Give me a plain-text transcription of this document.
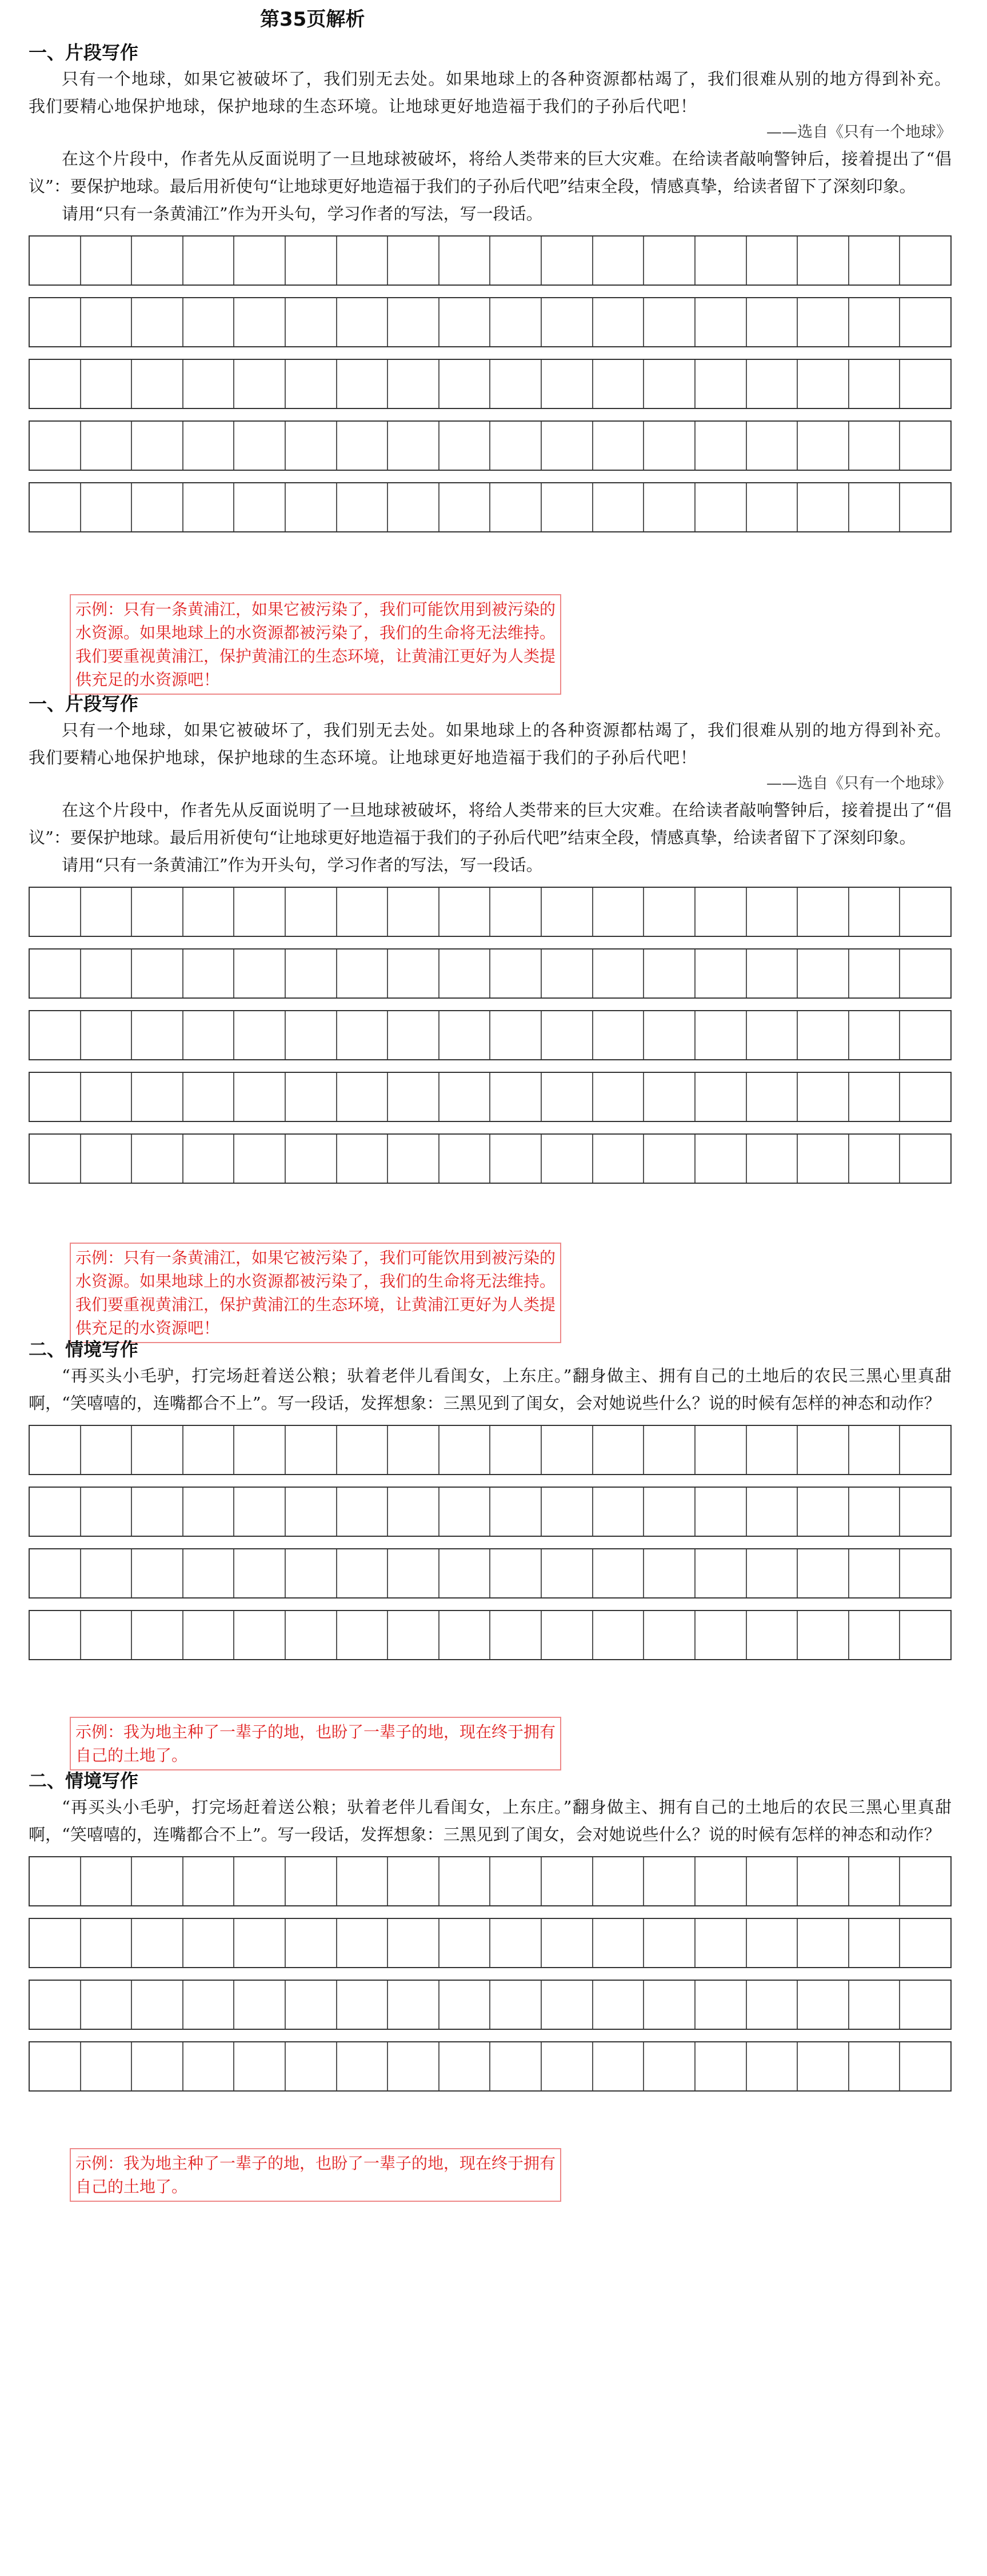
第35页解析
一、片段写作

只有一个地球，如果它被破坏了，我们别无去处。如果地球上的各种资源都枯竭了，我们很难从别的地方得到补充。我们要精心地保护地球，保护地球的生态环境。让地球更好地造福于我们的子孙后代吧！

——选自《只有一个地球》

在这个片段中，作者先从反面说明了一旦地球被破坏，将给人类带来的巨大灾难。在给读者敲响警钟后，接着提出了“倡议”：要保护地球。最后用祈使句“让地球更好地造福于我们的子孙后代吧”结束全段，情感真挚，给读者留下了深刻印象。

请用“只有一条黄浦江”作为开头句，学习作者的写法，写一段话。

示例：只有一条黄浦江，如果它被污染了，我们可能饮用到被污染的水资源。如果地球上的水资源都被污染了，我们的生命将无法维持。我们要重视黄浦江，保护黄浦江的生态环境，让黄浦江更好为人类提供充足的水资源吧！
一、片段写作

只有一个地球，如果它被破坏了，我们别无去处。如果地球上的各种资源都枯竭了，我们很难从别的地方得到补充。我们要精心地保护地球，保护地球的生态环境。让地球更好地造福于我们的子孙后代吧！

——选自《只有一个地球》

在这个片段中，作者先从反面说明了一旦地球被破坏，将给人类带来的巨大灾难。在给读者敲响警钟后，接着提出了“倡议”：要保护地球。最后用祈使句“让地球更好地造福于我们的子孙后代吧”结束全段，情感真挚，给读者留下了深刻印象。

请用“只有一条黄浦江”作为开头句，学习作者的写法，写一段话。

示例：只有一条黄浦江，如果它被污染了，我们可能饮用到被污染的水资源。如果地球上的水资源都被污染了，我们的生命将无法维持。我们要重视黄浦江，保护黄浦江的生态环境，让黄浦江更好为人类提供充足的水资源吧！
二、情境写作

“再买头小毛驴，打完场赶着送公粮；驮着老伴儿看闺女，上东庄。”翻身做主、拥有自己的土地后的农民三黑心里真甜啊，“笑嘻嘻的，连嘴都合不上”。写一段话，发挥想象：三黑见到了闺女，会对她说些什么？说的时候有怎样的神态和动作？

示例：我为地主种了一辈子的地，也盼了一辈子的地，现在终于拥有自己的土地了。
二、情境写作

“再买头小毛驴，打完场赶着送公粮；驮着老伴儿看闺女，上东庄。”翻身做主、拥有自己的土地后的农民三黑心里真甜啊，“笑嘻嘻的，连嘴都合不上”。写一段话，发挥想象：三黑见到了闺女，会对她说些什么？说的时候有怎样的神态和动作？

示例：我为地主种了一辈子的地，也盼了一辈子的地，现在终于拥有自己的土地了。
